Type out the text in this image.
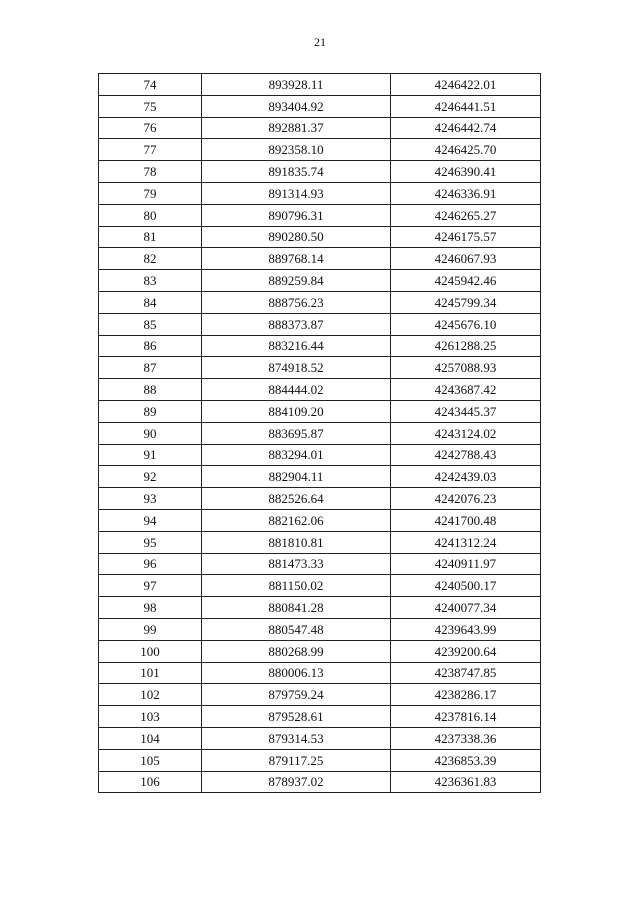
21
74	893928.11	4246422.01
75	893404.92	4246441.51
76	892881.37	4246442.74
77	892358.10	4246425.70
78	891835.74	4246390.41
79	891314.93	4246336.91
80	890796.31	4246265.27
81	890280.50	4246175.57
82	889768.14	4246067.93
83	889259.84	4245942.46
84	888756.23	4245799.34
85	888373.87	4245676.10
86	883216.44	4261288.25
87	874918.52	4257088.93
88	884444.02	4243687.42
89	884109.20	4243445.37
90	883695.87	4243124.02
91	883294.01	4242788.43
92	882904.11	4242439.03
93	882526.64	4242076.23
94	882162.06	4241700.48
95	881810.81	4241312.24
96	881473.33	4240911.97
97	881150.02	4240500.17
98	880841.28	4240077.34
99	880547.48	4239643.99
100	880268.99	4239200.64
101	880006.13	4238747.85
102	879759.24	4238286.17
103	879528.61	4237816.14
104	879314.53	4237338.36
105	879117.25	4236853.39
106	878937.02	4236361.83
